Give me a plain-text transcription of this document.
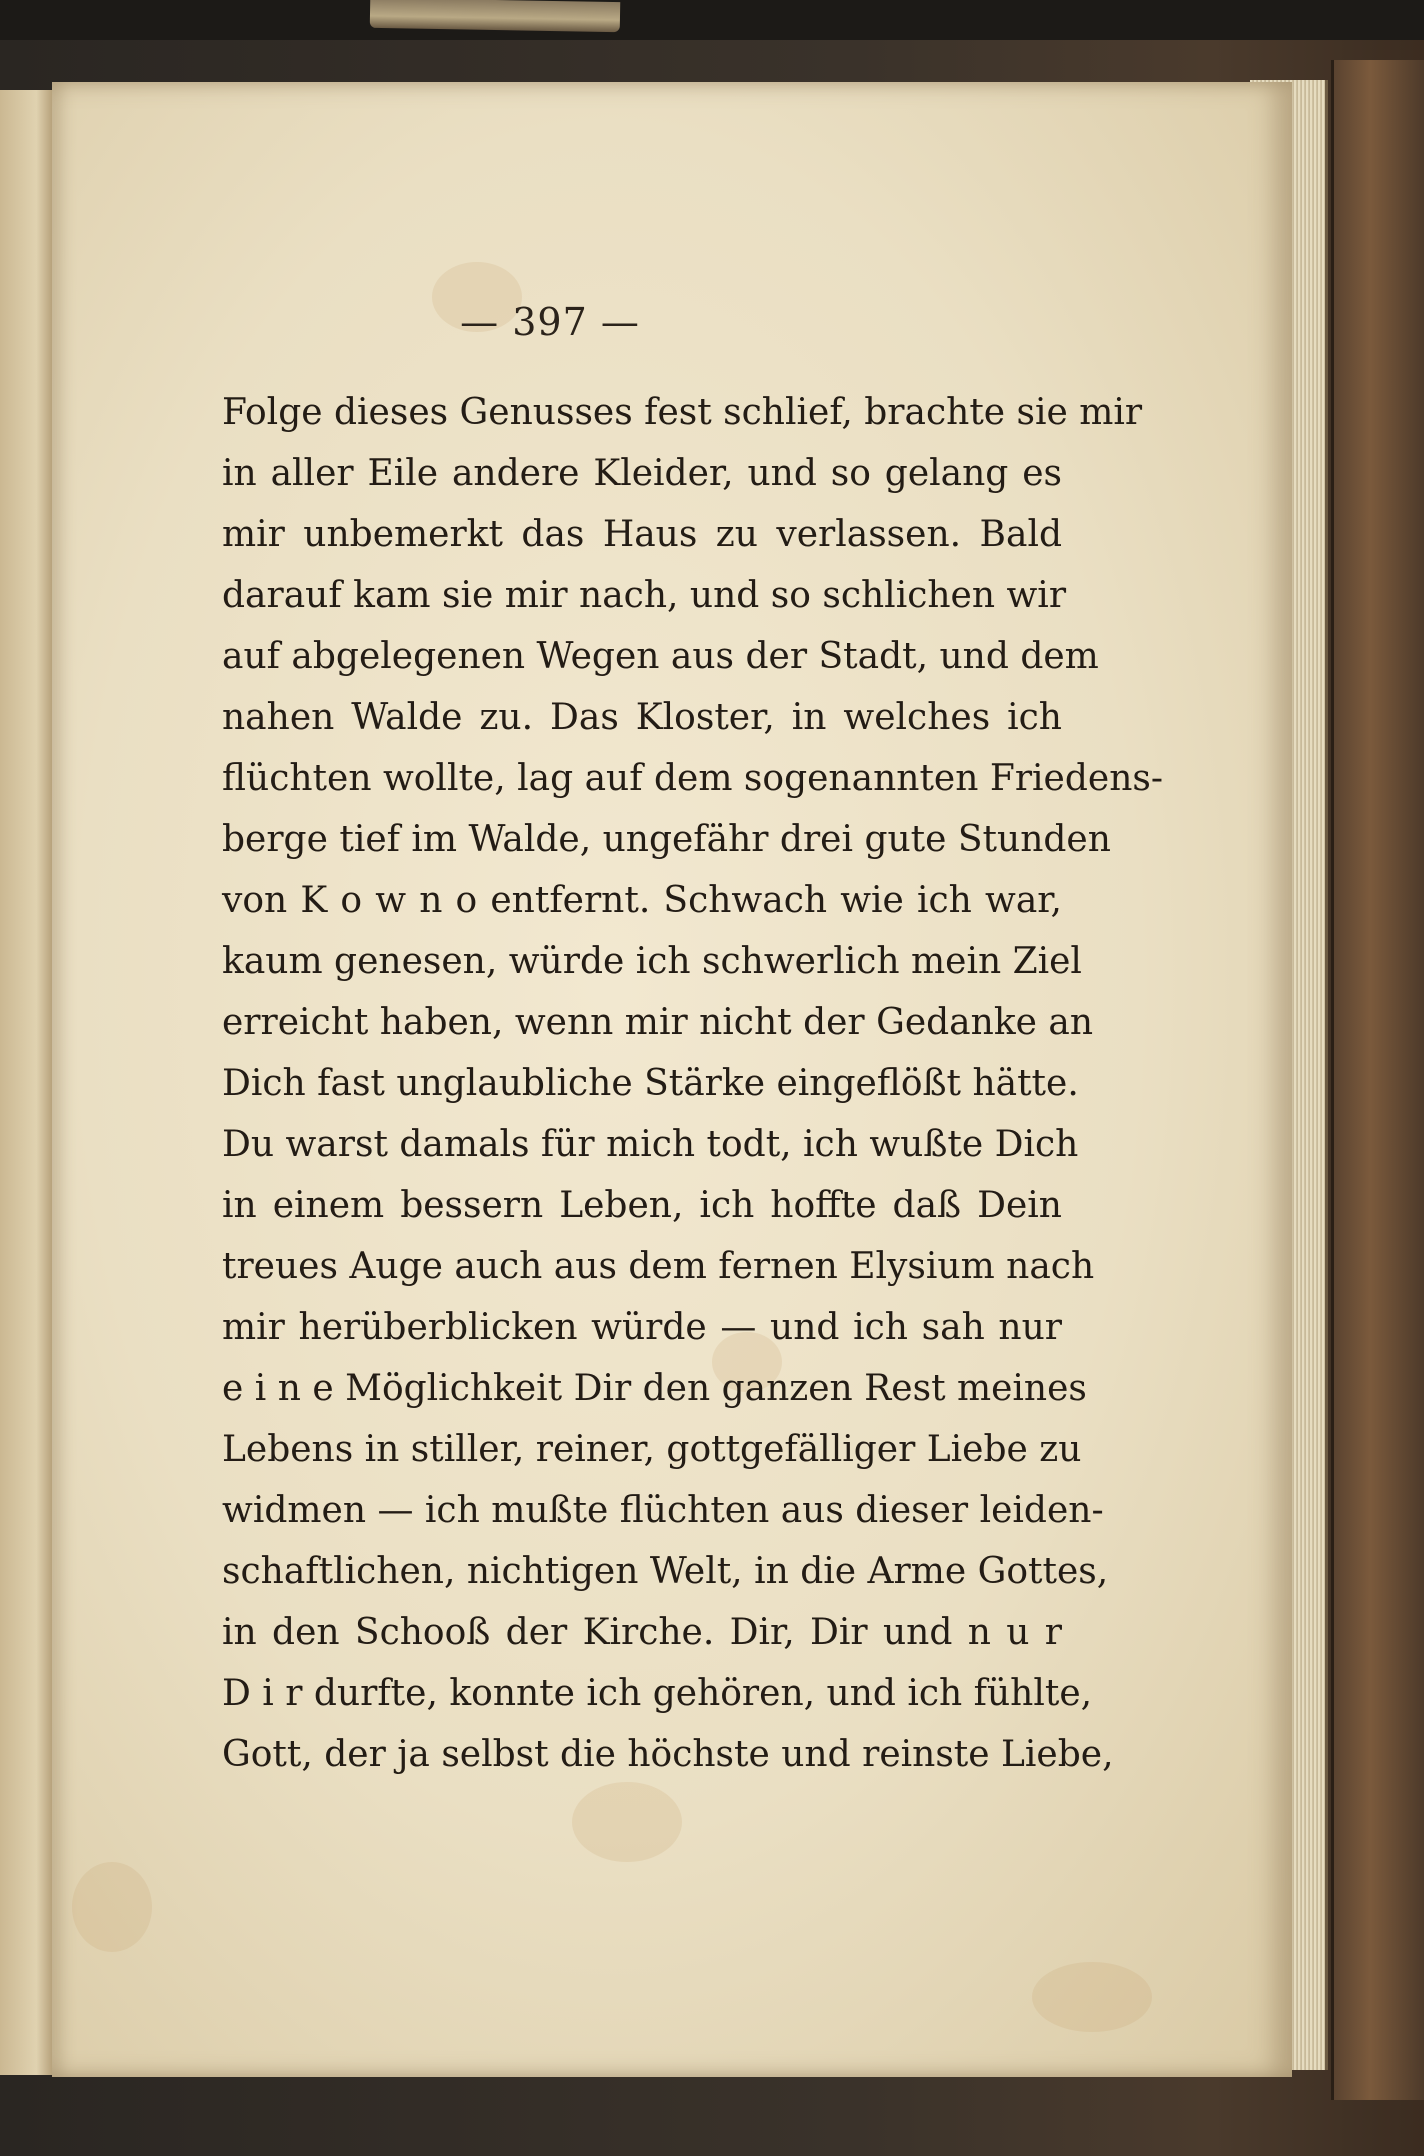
— 397 —
Folge dieses Genusses fest schlief, brachte sie mir
in aller Eile andere Kleider, und so gelang es
mir unbemerkt das Haus zu verlassen. Bald
darauf kam sie mir nach, und so schlichen wir
auf abgelegenen Wegen aus der Stadt, und dem
nahen Walde zu. Das Kloster, in welches ich
flüchten wollte, lag auf dem sogenannten Friedens-
berge tief im Walde, ungefähr drei gute Stunden
von K o w n o entfernt. Schwach wie ich war,
kaum genesen, würde ich schwerlich mein Ziel
erreicht haben, wenn mir nicht der Gedanke an
Dich fast unglaubliche Stärke eingeflößt hätte.
Du warst damals für mich todt, ich wußte Dich
in einem bessern Leben, ich hoffte daß Dein
treues Auge auch aus dem fernen Elysium nach
mir herüberblicken würde — und ich sah nur
e i n e Möglichkeit Dir den ganzen Rest meines
Lebens in stiller, reiner, gottgefälliger Liebe zu
widmen — ich mußte flüchten aus dieser leiden-
schaftlichen, nichtigen Welt, in die Arme Gottes,
in den Schooß der Kirche. Dir, Dir und n u r
D i r durfte, konnte ich gehören, und ich fühlte,
Gott, der ja selbst die höchste und reinste Liebe,
